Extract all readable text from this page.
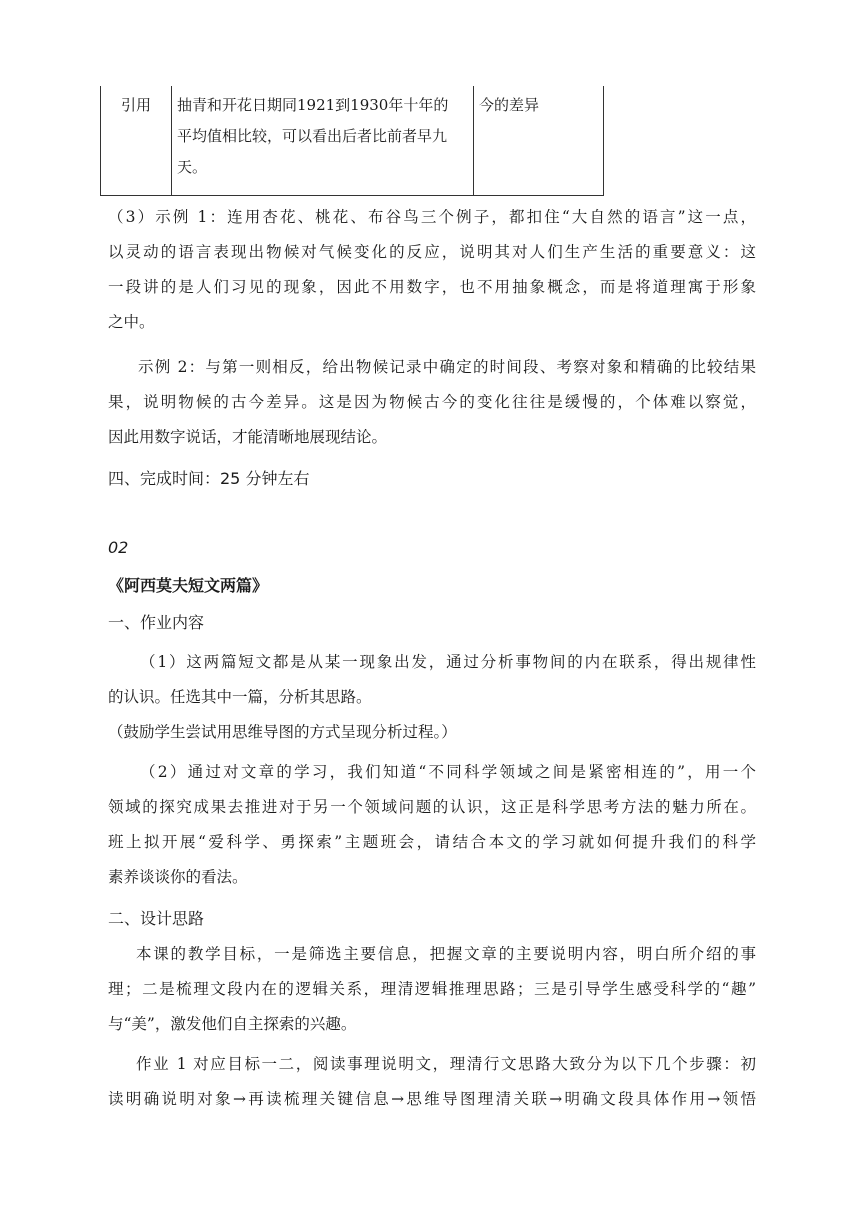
引用 抽青和开花日期同1921到1930年十年的
平均值相比较，可以看出后者比前者早九
天。
今的差异
（3）示例 1：连用杏花、桃花、布谷鸟三个例子，都扣住“大自然的语言”这一点，
以灵动的语言表现出物候对气候变化的反应，说明其对人们生产生活的重要意义：这
一段讲的是人们习见的现象，因此不用数字，也不用抽象概念，而是将道理寓于形象
之中。
示例 2：与第一则相反，给出物候记录中确定的时间段、考察对象和精确的比较结果
果，说明物候的古今差异。这是因为物候古今的变化往往是缓慢的，个体难以察觉，
因此用数字说话，才能清晰地展现结论。
四、完成时间：25 分钟左右
02
《阿西莫夫短文两篇》
一、作业内容
（1）这两篇短文都是从某一现象出发，通过分析事物间的内在联系，得出规律性
的认识。任选其中一篇，分析其思路。
（鼓励学生尝试用思维导图的方式呈现分析过程。）
（2）通过对文章的学习，我们知道“不同科学领域之间是紧密相连的”，用一个
领域的探究成果去推进对于另一个领域问题的认识，这正是科学思考方法的魅力所在。
班上拟开展“爱科学、勇探索”主题班会，请结合本文的学习就如何提升我们的科学
素养谈谈你的看法。
二、设计思路
本课的教学目标，一是筛选主要信息，把握文章的主要说明内容，明白所介绍的事
理；二是梳理文段内在的逻辑关系，理清逻辑推理思路；三是引导学生感受科学的“趣”
与“美”，激发他们自主探索的兴趣。
作业 1 对应目标一二，阅读事理说明文，理清行文思路大致分为以下几个步骤：初
读明确说明对象→再读梳理关键信息→思维导图理清关联→明确文段具体作用→领悟
